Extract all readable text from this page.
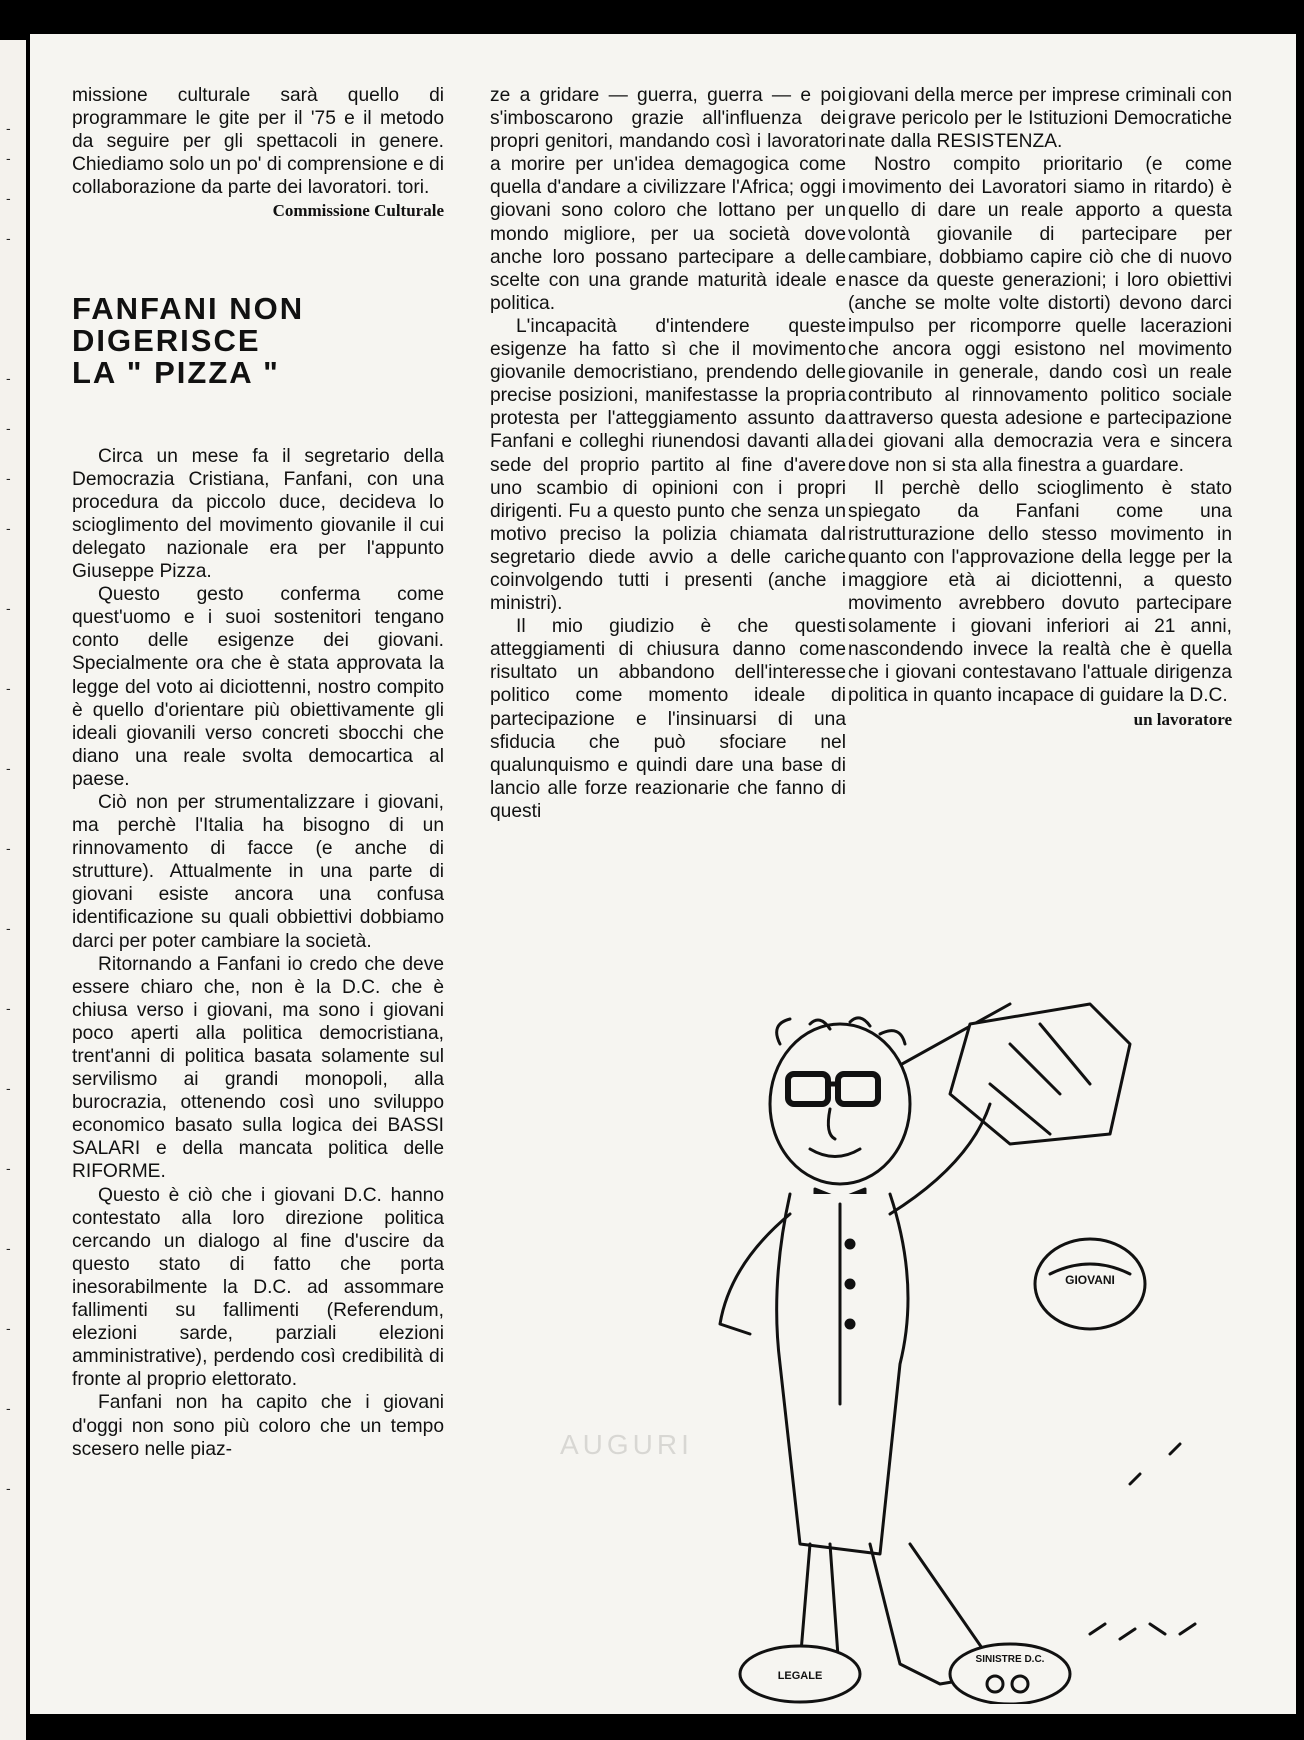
-
-
-
-
-
-
-
-
-
-
-
-
-
-
-
-
-
-
-
-

missione culturale sarà quello di programmare le gite per il '75 e il metodo da seguire per gli spettacoli in genere. Chiediamo solo un po' di comprensione e di collaborazione da parte dei lavoratori. tori.

Commissione Culturale

FANFANI NON
DIGERISCE
LA " PIZZA "

Circa un mese fa il segretario della Democrazia Cristiana, Fanfani, con una procedura da piccolo duce, decideva lo scioglimento del movimento giovanile il cui delegato nazionale era per l'appunto Giuseppe Pizza.

Questo gesto conferma come quest'uomo e i suoi sostenitori tengano conto delle esigenze dei giovani. Specialmente ora che è stata approvata la legge del voto ai diciottenni, nostro compito è quello d'orientare più obiettivamente gli ideali giovanili verso concreti sbocchi che diano una reale svolta democartica al paese.

Ciò non per strumentalizzare i giovani, ma perchè l'Italia ha bisogno di un rinnovamento di facce (e anche di strutture). Attualmente in una parte di giovani esiste ancora una confusa identificazione su quali obbiettivi dobbiamo darci per poter cambiare la società.

Ritornando a Fanfani io credo che deve essere chiaro che, non è la D.C. che è chiusa verso i giovani, ma sono i giovani poco aperti alla politica democristiana, trent'anni di politica basata solamente sul servilismo ai grandi monopoli, alla burocrazia, ottenendo così uno sviluppo economico basato sulla logica dei BASSI SALARI e della mancata politica delle RIFORME.

Questo è ciò che i giovani D.C. hanno contestato alla loro direzione politica cercando un dialogo al fine d'uscire da questo stato di fatto che porta inesorabilmente la D.C. ad assommare fallimenti su fallimenti (Referendum, elezioni sarde, parziali elezioni amministrative), perdendo così credibilità di fronte al proprio elettorato.

Fanfani non ha capito che i giovani d'oggi non sono più coloro che un tempo scesero nelle piaz-

ze a gridare — guerra, guerra — e poi s'imboscarono grazie all'influenza dei propri genitori, mandando così i lavoratori a morire per un'idea demagogica come quella d'andare a civilizzare l'Africa; oggi i giovani sono coloro che lottano per un mondo migliore, per ua società dove anche loro possano partecipare a delle scelte con una grande maturità ideale e politica.

L'incapacità d'intendere queste esigenze ha fatto sì che il movimento giovanile democristiano, prendendo delle precise posizioni, manifestasse la propria protesta per l'atteggiamento assunto da Fanfani e colleghi riunendosi davanti alla sede del proprio partito al fine d'avere uno scambio di opinioni con i propri dirigenti. Fu a questo punto che senza un motivo preciso la polizia chiamata dal segretario diede avvio a delle cariche coinvolgendo tutti i presenti (anche i ministri).

Il mio giudizio è che questi atteggiamenti di chiusura danno come risultato un abbandono dell'interesse politico come momento ideale di partecipazione e l'insinuarsi di una sfiducia che può sfociare nel qualunquismo e quindi dare una base di lancio alle forze reazionarie che fanno di questi

giovani della merce per imprese criminali con grave pericolo per le Istituzioni Democratiche nate dalla RESISTENZA.

Nostro compito prioritario (e come movimento dei Lavoratori siamo in ritardo) è quello di dare un reale apporto a questa volontà giovanile di partecipare per cambiare, dobbiamo capire ciò che di nuovo nasce da queste generazioni; i loro obiettivi (anche se molte volte distorti) devono darci impulso per ricomporre quelle lacerazioni che ancora oggi esistono nel movimento giovanile in generale, dando così un reale contributo al rinnovamento politico sociale attraverso questa adesione e partecipazione dei giovani alla democrazia vera e sincera dove non si sta alla finestra a guardare.

Il perchè dello scioglimento è stato spiegato da Fanfani come una ristrutturazione dello stesso movimento in quanto con l'approvazione della legge per la maggiore età ai diciottenni, a questo movimento avrebbero dovuto partecipare solamente i giovani inferiori ai 21 anni, nascondendo invece la realtà che è quella che i giovani contestavano l'attuale dirigenza politica in quanto incapace di guidare la D.C.

un lavoratore

AUGURI
GIOVANI
LEGALE
SINISTRE D.C.
